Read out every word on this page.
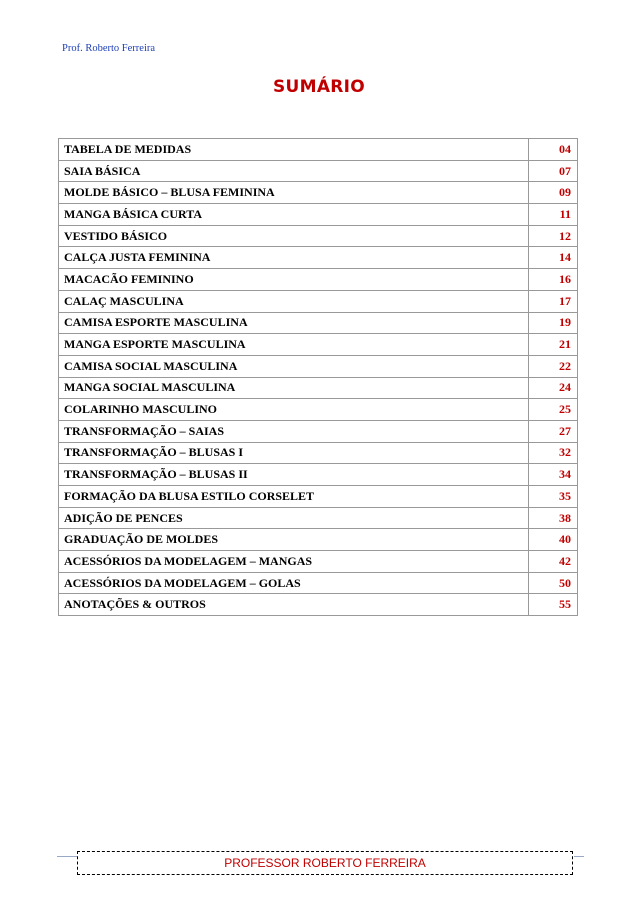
Prof. Roberto Ferreira
SUMÁRIO
TABELA DE MEDIDAS	04
SAIA BÁSICA	07
MOLDE BÁSICO – BLUSA FEMININA	09
MANGA BÁSICA CURTA	11
VESTIDO BÁSICO	12
CALÇA JUSTA FEMININA	14
MACACÃO FEMININO	16
CALAÇ MASCULINA	17
CAMISA ESPORTE MASCULINA	19
MANGA ESPORTE MASCULINA	21
CAMISA SOCIAL MASCULINA	22
MANGA SOCIAL MASCULINA	24
COLARINHO MASCULINO	25
TRANSFORMAÇÃO – SAIAS	27
TRANSFORMAÇÃO – BLUSAS I	32
TRANSFORMAÇÃO – BLUSAS II	34
FORMAÇÃO DA BLUSA ESTILO CORSELET	35
ADIÇÃO DE PENCES	38
GRADUAÇÃO DE MOLDES	40
ACESSÓRIOS DA MODELAGEM – MANGAS	42
ACESSÓRIOS DA MODELAGEM – GOLAS	50
ANOTAÇÕES & OUTROS	55
PROFESSOR ROBERTO FERREIRA
